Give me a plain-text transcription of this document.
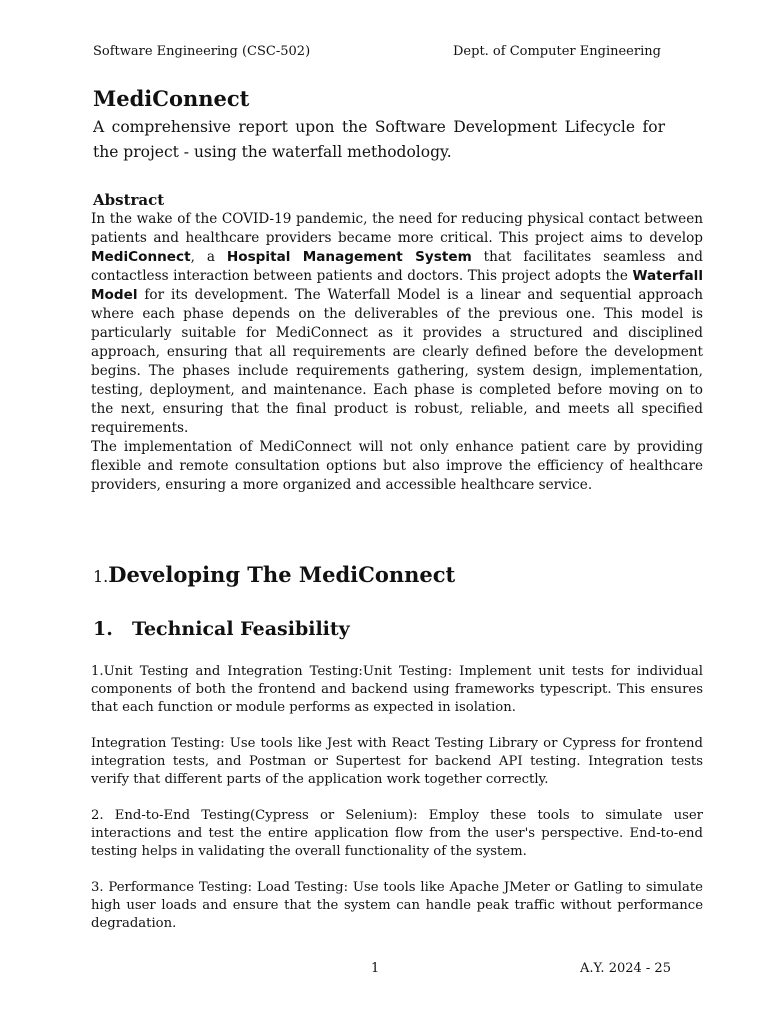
Software Engineering (CSC-502)	Dept. of Computer Engineering
MediConnect
A comprehensive report upon the Software Development Lifecycle for the project - using the waterfall methodology.
Abstract

In the wake of the COVID-19 pandemic, the need for reducing physical contact between patients and healthcare providers became more critical. This project aims to develop MediConnect, a Hospital Management System that facilitates seamless and contactless interaction between patients and doctors. This project adopts the Waterfall Model for its development. The Waterfall Model is a linear and sequential approach where each phase depends on the deliverables of the previous one. This model is particularly suitable for MediConnect as it provides a structured and disciplined approach, ensuring that all requirements are clearly defined before the development begins. The phases include requirements gathering, system design, implementation, testing, deployment, and maintenance. Each phase is completed before moving on to the next, ensuring that the final product is robust, reliable, and meets all specified requirements.

The implementation of MediConnect will not only enhance patient care by providing flexible and remote consultation options but also improve the efficiency of healthcare providers, ensuring a more organized and accessible healthcare service.

1.Developing The MediConnect
1. Technical Feasibility

1.Unit Testing and Integration Testing:Unit Testing: Implement unit tests for individual components of both the frontend and backend using frameworks typescript. This ensures that each function or module performs as expected in isolation.

Integration Testing: Use tools like Jest with React Testing Library or Cypress for frontend integration tests, and Postman or Supertest for backend API testing. Integration tests verify that different parts of the application work together correctly.

2. End-to-End Testing(Cypress or Selenium): Employ these tools to simulate user interactions and test the entire application flow from the user's perspective. End-to-end testing helps in validating the overall functionality of the system.

3. Performance Testing: Load Testing: Use tools like Apache JMeter or Gatling to simulate high user loads and ensure that the system can handle peak traffic without performance degradation.

1	A.Y. 2024 - 25
